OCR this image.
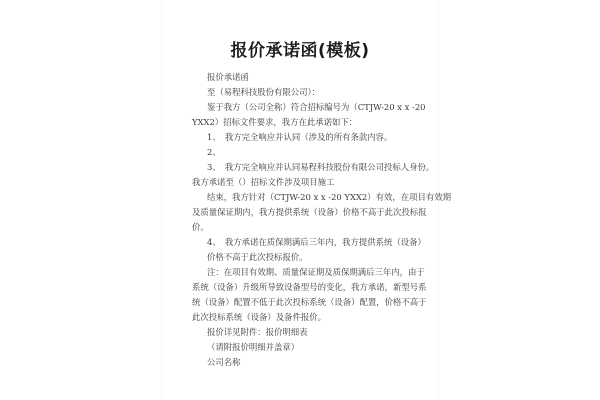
报价承诺函(模板)
报价承诺函
至（易程科技股份有限公司）：
鉴于我方（公司全称）符合招标编号为（CTJW-20 x x -20
YXX2）招标文件要求，我方在此承诺如下：
1、　我方完全响应并认同（涉及的所有条款内容。
2、
3、　我方完全响应并认同易程科技股份有限公司投标人身份。
我方承诺至（）招标文件涉及项目施工
结束，我方针对（CTJW-20 x x -20 YXX2）有效，在项目有效期
及质量保证期内，我方提供系统（设备）价格不高于此次投标报
价。
4、　我方承诺在质保期满后三年内，我方提供系统（设备）
价格不高于此次投标报价。
注：在项目有效期、质量保证期及质保期满后三年内，由于
系统（设备）升级所导致设备型号的变化，我方承诺，新型号系
统（设备）配置不低于此次投标系统（设备）配置，价格不高于
此次投标系统（设备）及备件报价。
报价详见附件：报价明细表
（请附报价明细并盖章）
公司名称
